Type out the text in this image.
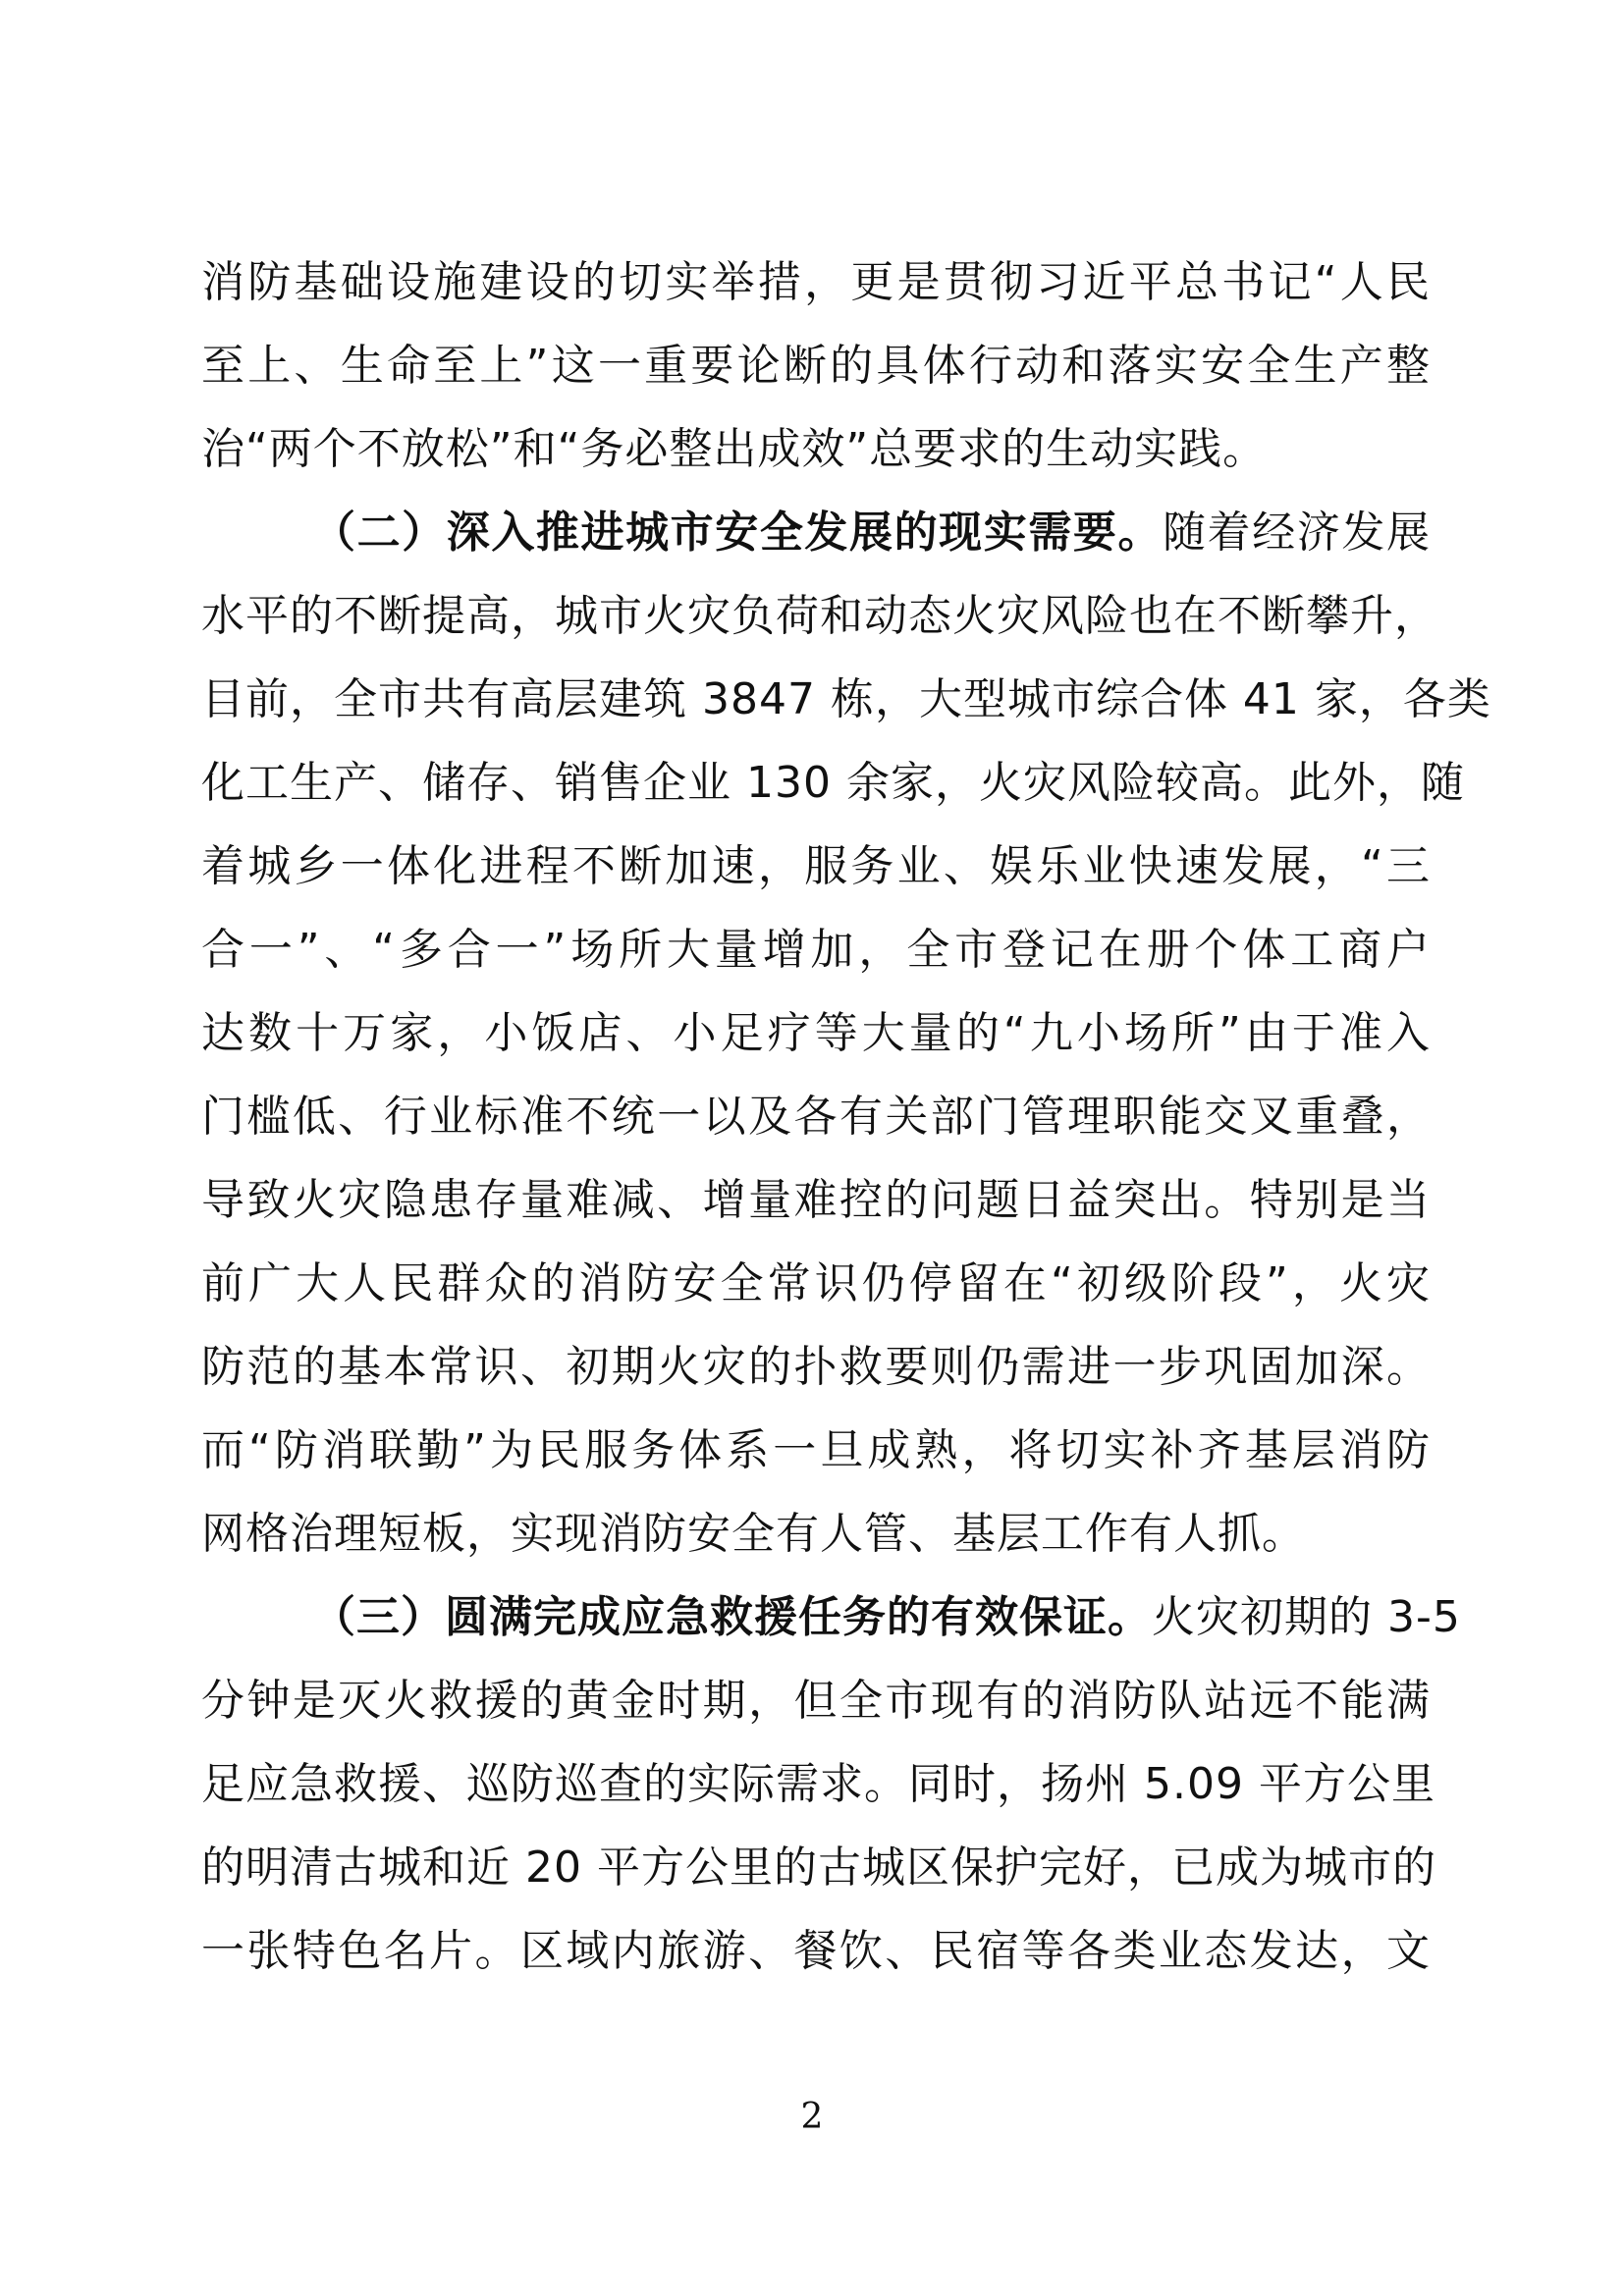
消防基础设施建设的切实举措，更是贯彻习近平总书记“人民
至上、生命至上”这一重要论断的具体行动和落实安全生产整
治“两个不放松”和“务必整出成效”总要求的生动实践。
（二）深入推进城市安全发展的现实需要。随着经济发展
水平的不断提高，城市火灾负荷和动态火灾风险也在不断攀升，
目前，全市共有高层建筑 3847 栋，大型城市综合体 41 家，各类
化工生产、储存、销售企业 130 余家，火灾风险较高。此外，随
着城乡一体化进程不断加速，服务业、娱乐业快速发展，“三
合一”、“多合一”场所大量增加，全市登记在册个体工商户
达数十万家，小饭店、小足疗等大量的“九小场所”由于准入
门槛低、行业标准不统一以及各有关部门管理职能交叉重叠，
导致火灾隐患存量难减、增量难控的问题日益突出。特别是当
前广大人民群众的消防安全常识仍停留在“初级阶段”，火灾
防范的基本常识、初期火灾的扑救要则仍需进一步巩固加深。
而“防消联勤”为民服务体系一旦成熟，将切实补齐基层消防
网格治理短板，实现消防安全有人管、基层工作有人抓。
（三）圆满完成应急救援任务的有效保证。火灾初期的 3-5
分钟是灭火救援的黄金时期，但全市现有的消防队站远不能满
足应急救援、巡防巡查的实际需求。同时，扬州 5.09 平方公里
的明清古城和近 20 平方公里的古城区保护完好，已成为城市的
一张特色名片。区域内旅游、餐饮、民宿等各类业态发达，文
2
